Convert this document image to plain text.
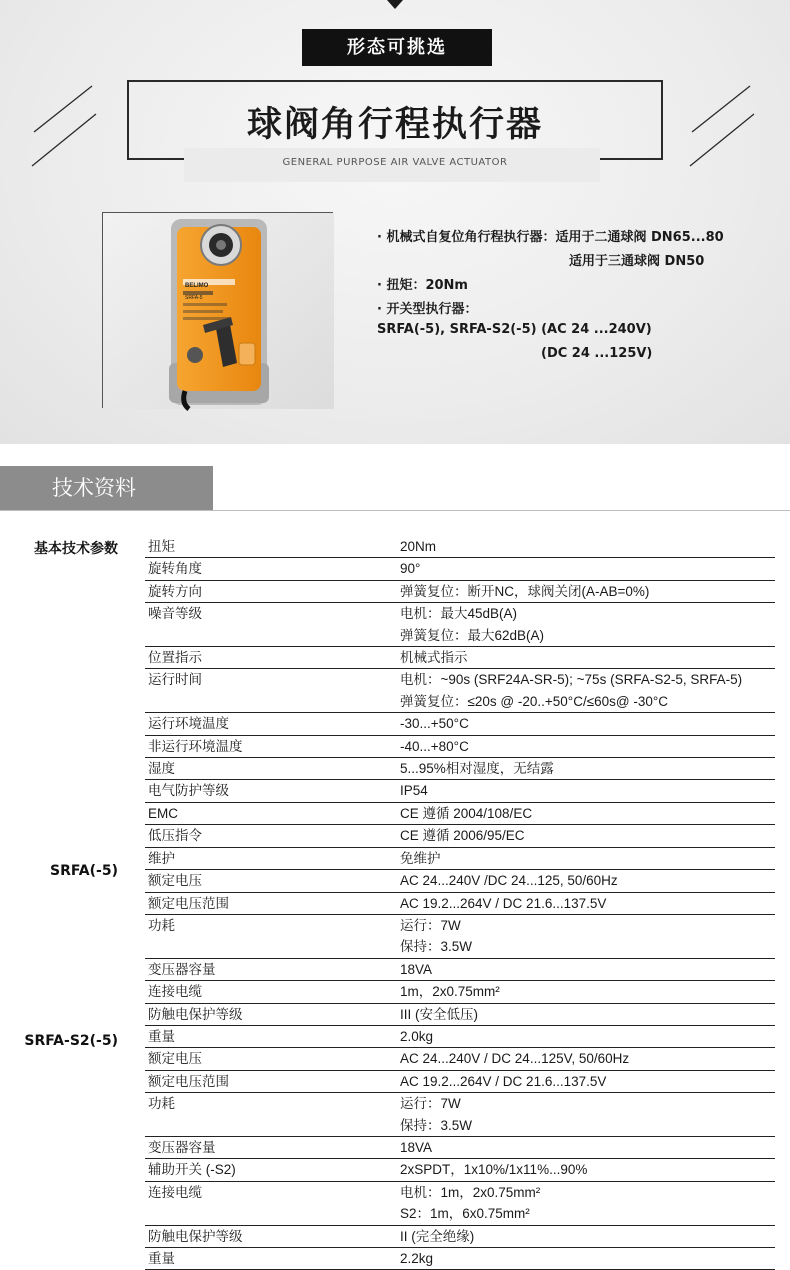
形态可挑选
球阀角行程执行器
GENERAL PURPOSE AIR VALVE ACTUATOR
BELIMO
SRFA-5
· 机械式自复位角行程执行器：适用于二通球阀 DN65...80
适用于三通球阀 DN50
· 扭矩：20Nm
· 开关型执行器：
SRFA(-5), SRFA-S2(-5) (AC 24 ...240V)
(DC 24 ...125V)
技术资料
基本技术参数
SRFA(-5)
SRFA-S2(-5)
扭矩	20Nm

旋转角度	90°

旋转方向	弹簧复位：断开NC，球阀关闭(A-AB=0%)

噪音等级	电机：最大45dB(A)
弹簧复位：最大62dB(A)

位置指示	机械式指示

运行时间	电机：~90s (SRF24A-SR-5); ~75s (SRFA-S2-5, SRFA-5)
弹簧复位：≤20s @ -20..+50°C/≤60s@ -30°C

运行环境温度	-30...+50°C

非运行环境温度	-40...+80°C

湿度	5...95%相对湿度，无结露

电气防护等级	IP54

EMC	CE 遵循 2004/108/EC

低压指令	CE 遵循 2006/95/EC

维护	免维护

额定电压	AC 24...240V /DC 24...125, 50/60Hz

额定电压范围	AC 19.2...264V / DC 21.6...137.5V

功耗	运行：7W
保持：3.5W

变压器容量	18VA

连接电缆	1m，2x0.75mm²

防触电保护等级	III (安全低压)

重量	2.0kg

额定电压	AC 24...240V / DC 24...125V, 50/60Hz

额定电压范围	AC 19.2...264V / DC 21.6...137.5V

功耗	运行：7W
保持：3.5W

变压器容量	18VA

辅助开关 (-S2)	2xSPDT，1x10%/1x11%...90%

连接电缆	电机：1m，2x0.75mm²
S2：1m，6x0.75mm²

防触电保护等级	II (完全绝缘)

重量	2.2kg
